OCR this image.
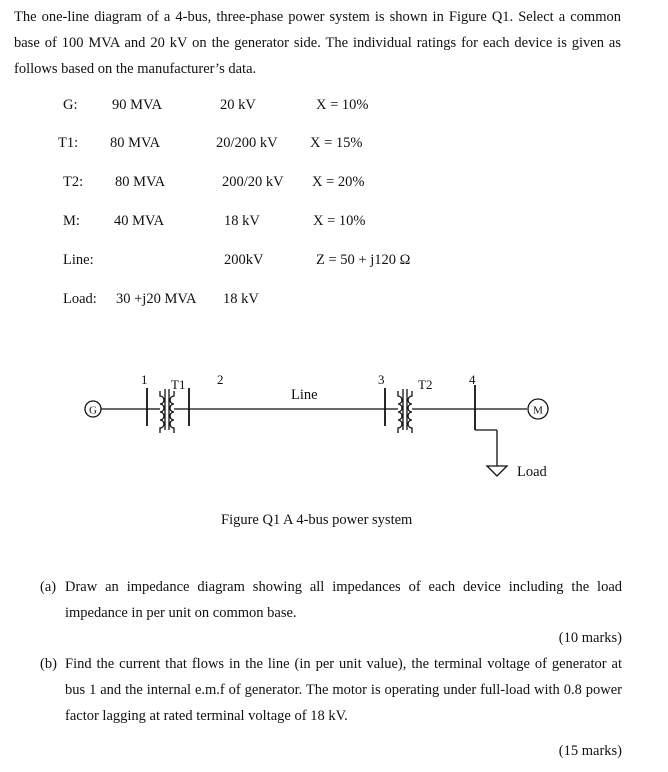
The one-line diagram of a 4-bus, three-phase power system is shown in Figure Q1. Select a common base of 100 MVA and 20 kV on the generator side. The individual ratings for each device is given as follows based on the manufacturer’s data.

G: 90 MVA	20 kV	X = 10%
T1: 80 MVA	20/200 kV X = 15%
T2: 80 MVA	200/20 kV X = 20%
M: 40 MVA	18 kV	X = 10%
Line:	200kV	Z = 50 + j120 Ω
Load: 30 +j20 MVA 18 kV
G	M
1	2	3	4
T1	T2
Line
Load
Figure Q1 A 4-bus power system
(a) Draw an impedance diagram showing all impedances of each device including the load impedance in per unit on common base.
(10 marks)
(b) Find the current that flows in the line (in per unit value), the terminal voltage of generator at bus 1 and the internal e.m.f of generator. The motor is operating under full-load with 0.8 power factor lagging at rated terminal voltage of 18 kV.
(15 marks)
